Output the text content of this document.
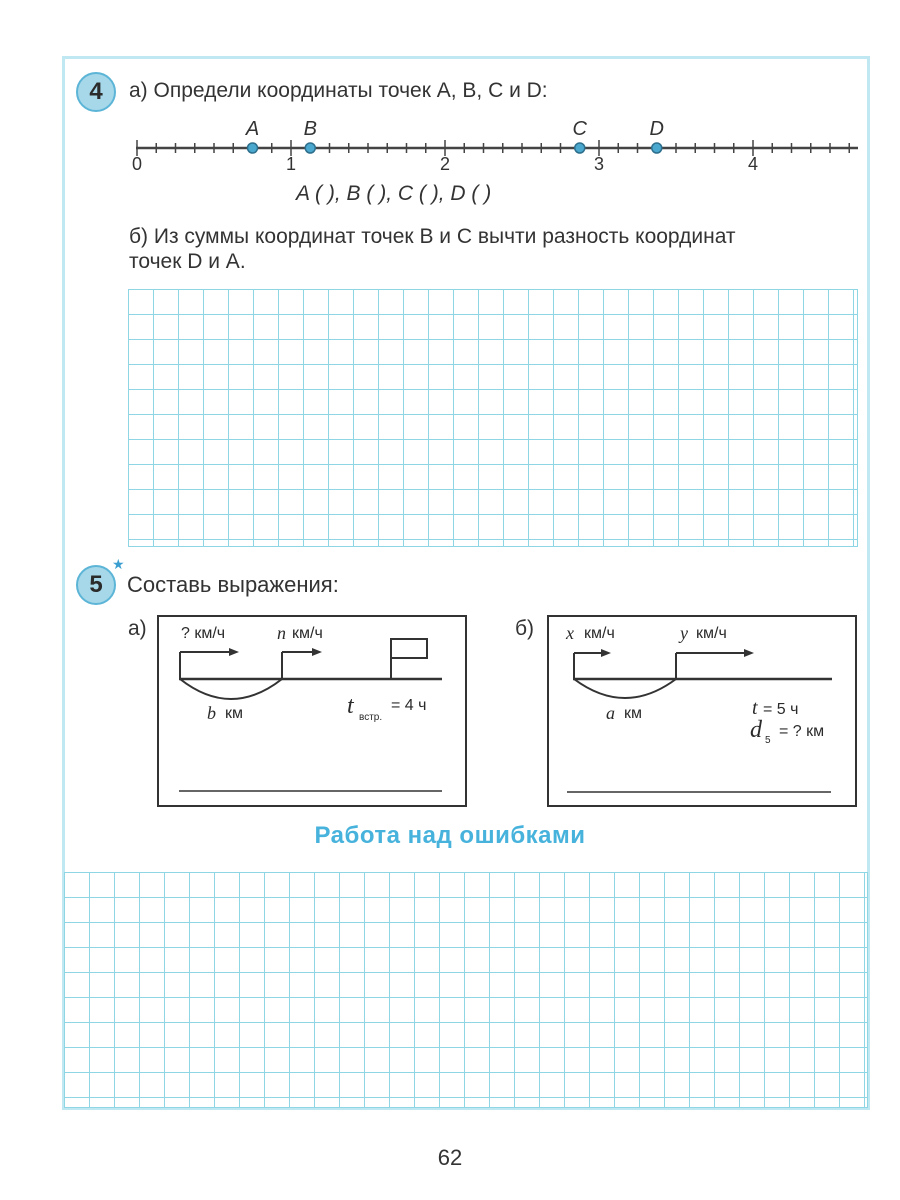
4 а) Определи координаты точек A, B, C и D:
0	1	2	3	4
A B	C	D
A ( ), B ( ), C ( ), D ( )
б) Из суммы координат точек B и C вычти разность координат
точек D и A.
5
★
Составь выражения:
а) ? км/ч	n км/ч
b км	t встр.
= 4 ч
б) x км/ч	y км/ч
a км	t = 5 ч
d 5
= ? км
Работа над ошибками
62
